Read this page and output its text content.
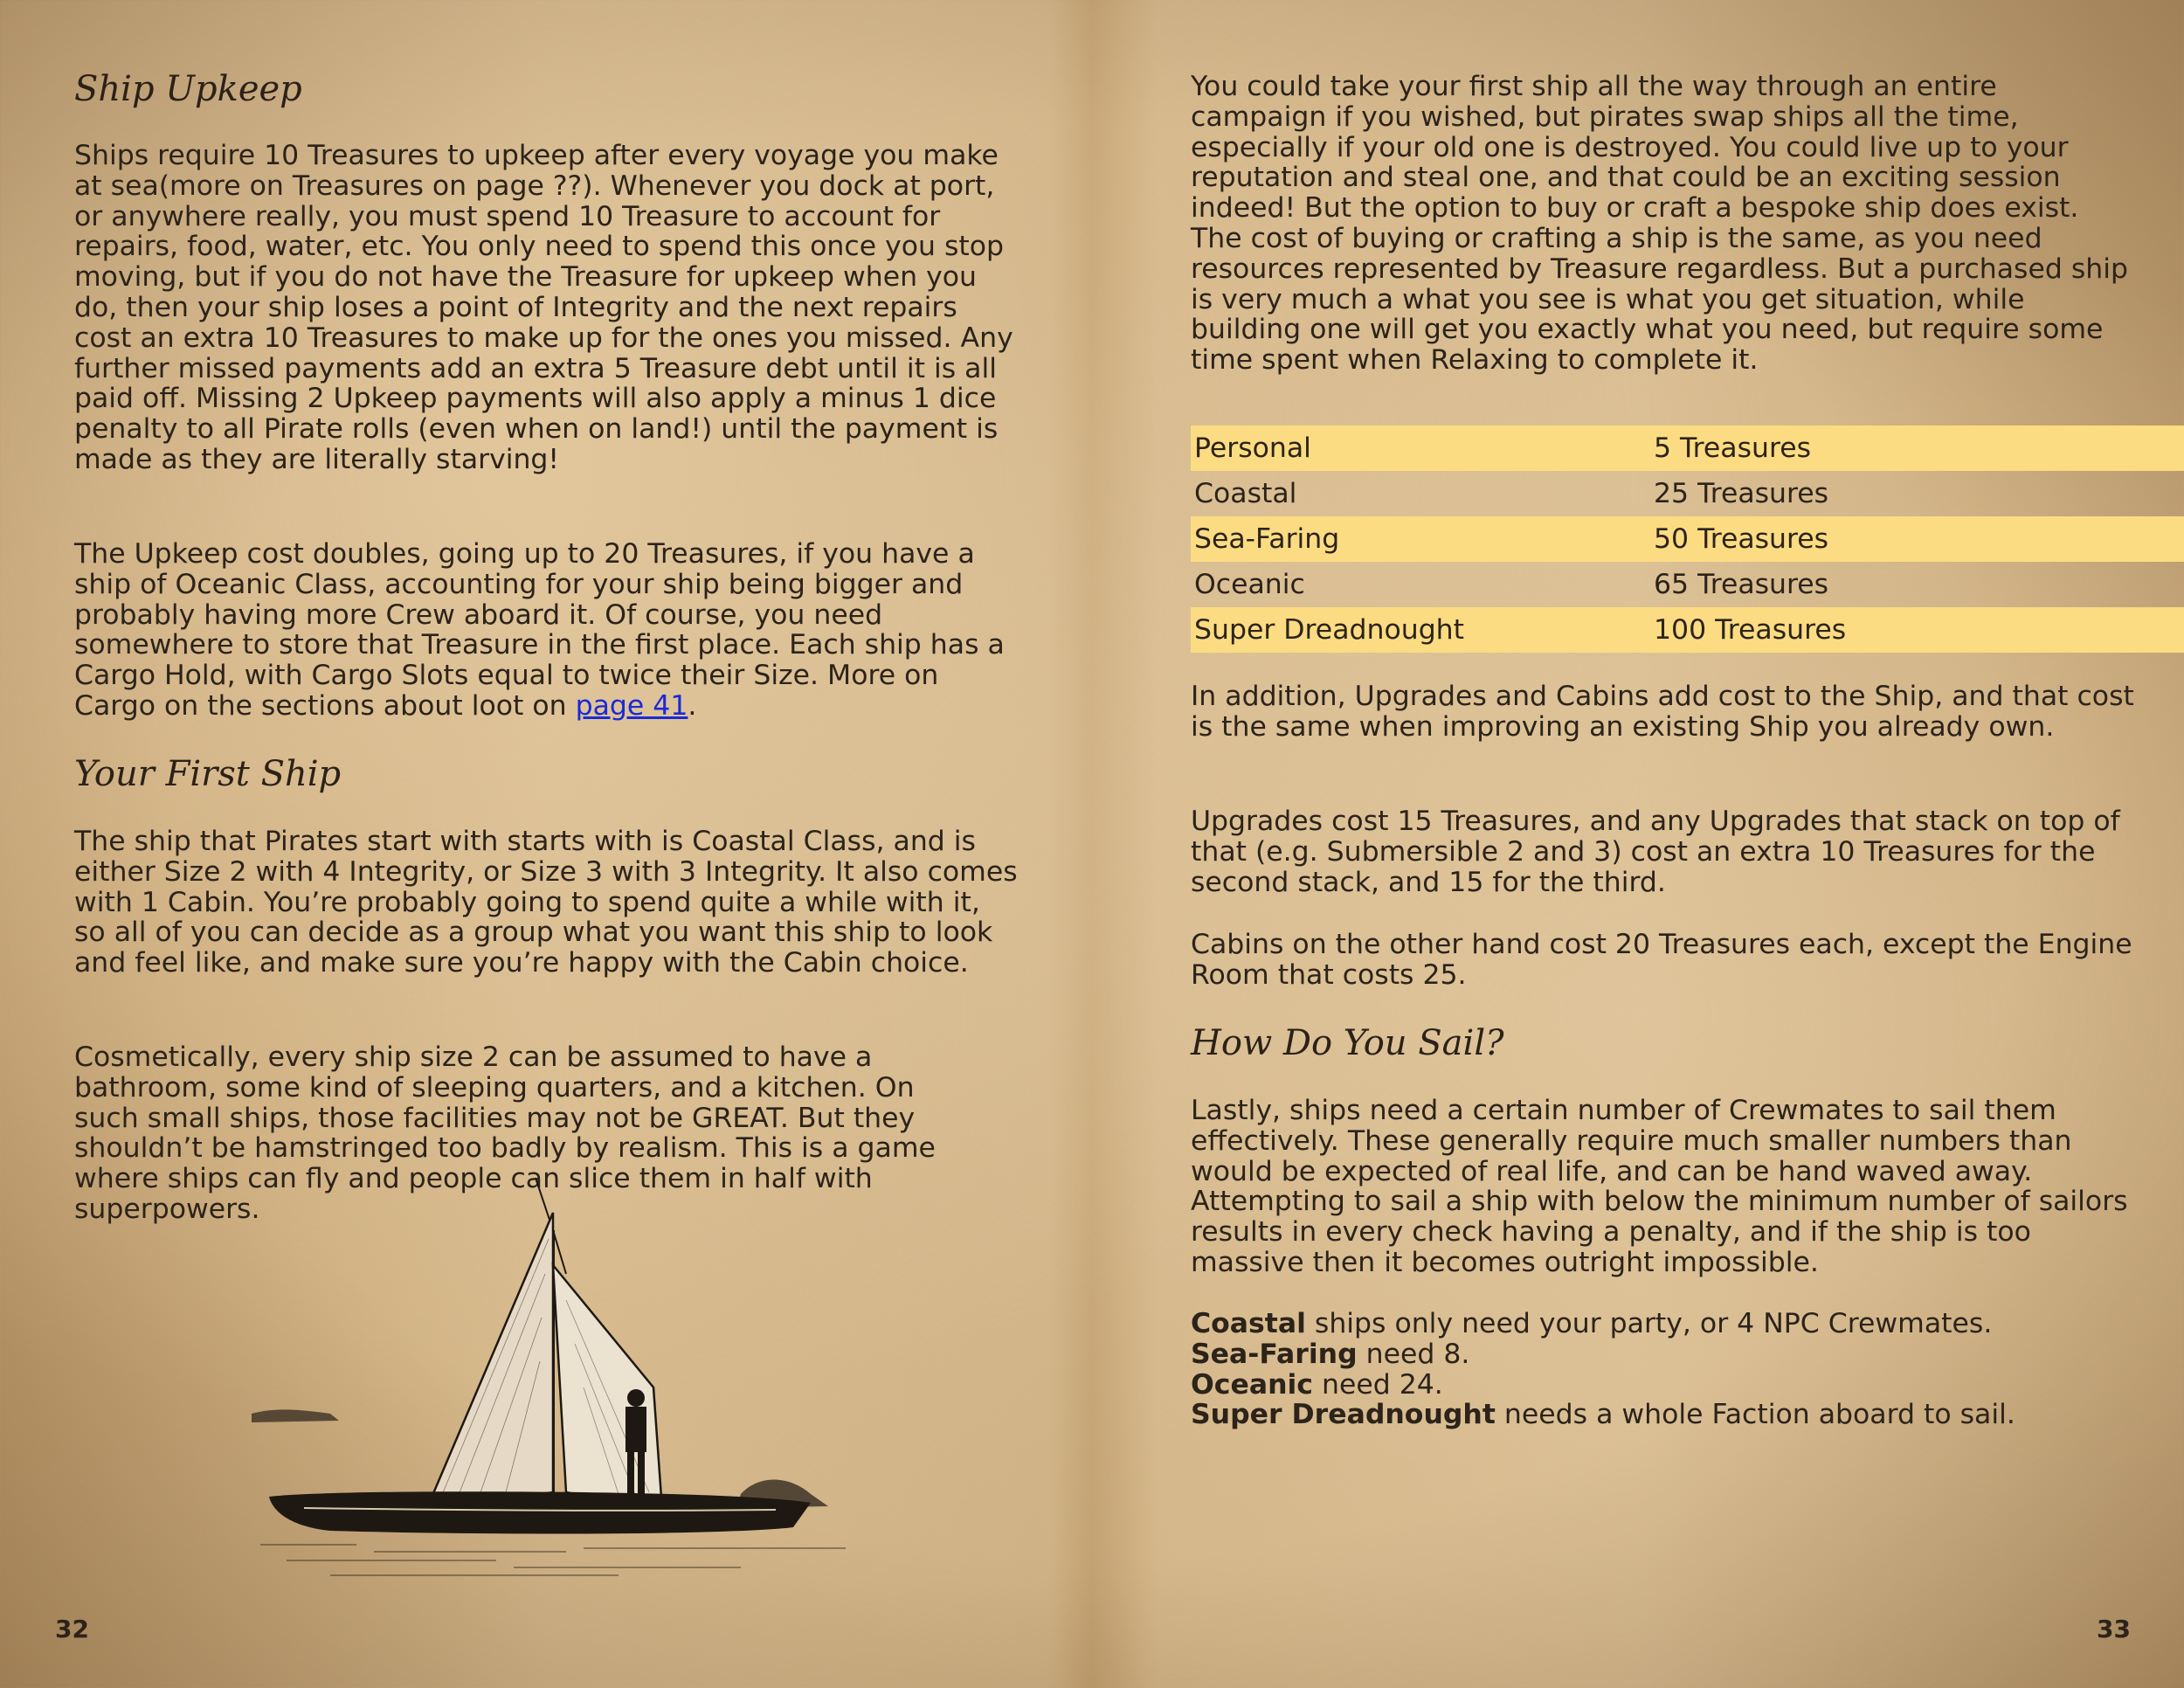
Ship Upkeep

Ships require 10 Treasures to upkeep after every voyage you make at sea(more on Treasures on page ??). Whenever you dock at port, or anywhere really, you must spend 10 Treasure to account for repairs, food, water, etc. You only need to spend this once you stop moving, but if you do not have the Treasure for upkeep when you do, then your ship loses a point of Integrity and the next repairs cost an extra 10 Treasures to make up for the ones you missed. Any further missed payments add an extra 5 Treasure debt until it is all paid off. Missing 2 Upkeep payments will also apply a minus 1 dice penalty to all Pirate rolls (even when on land!) until the payment is made as they are literally starving!

The Upkeep cost doubles, going up to 20 Treasures, if you have a ship of Oceanic Class, accounting for your ship being bigger and probably having more Crew aboard it. Of course, you need somewhere to store that Treasure in the first place. Each ship has a Cargo Hold, with Cargo Slots equal to twice their Size. More on Cargo on the sections about loot on page 41.

Your First Ship

The ship that Pirates start with starts with is Coastal Class, and is either Size 2 with 4 Integrity, or Size 3 with 3 Integrity. It also comes with 1 Cabin. You’re probably going to spend quite a while with it, so all of you can decide as a group what you want this ship to look and feel like, and make sure you’re happy with the Cabin choice.

Cosmetically, every ship size 2 can be assumed to have a bathroom, some kind of sleeping quarters, and a kitchen. On such small ships, those facilities may not be GREAT. But they shouldn’t be hamstringed too badly by realism. This is a game where ships can fly and people can slice them in half with superpowers.

32

You could take your first ship all the way through an entire campaign if you wished, but pirates swap ships all the time, especially if your old one is destroyed. You could live up to your reputation and steal one, and that could be an exciting session indeed! But the option to buy or craft a bespoke ship does exist. The cost of buying or crafting a ship is the same, as you need resources represented by Treasure regardless. But a purchased ship is very much a what you see is what you get situation, while building one will get you exactly what you need, but require some time spent when Relaxing to complete it.

Personal	5 Treasures
Coastal	25 Treasures
Sea-Faring	50 Treasures
Oceanic	65 Treasures
Super Dreadnought	100 Treasures

In addition, Upgrades and Cabins add cost to the Ship, and that cost is the same when improving an existing Ship you already own.

Upgrades cost 15 Treasures, and any Upgrades that stack on top of that (e.g. Submersible 2 and 3) cost an extra 10 Treasures for the second stack, and 15 for the third.

Cabins on the other hand cost 20 Treasures each, except the Engine Room that costs 25.

How Do You Sail?

Lastly, ships need a certain number of Crewmates to sail them effectively. These generally require much smaller numbers than would be expected of real life, and can be hand waved away. Attempting to sail a ship with below the minimum number of sailors results in every check having a penalty, and if the ship is too massive then it becomes outright impossible.

Coastal ships only need your party, or 4 NPC Crewmates.
Sea-Faring need 8.
Oceanic need 24.
Super Dreadnought needs a whole Faction aboard to sail.
33
